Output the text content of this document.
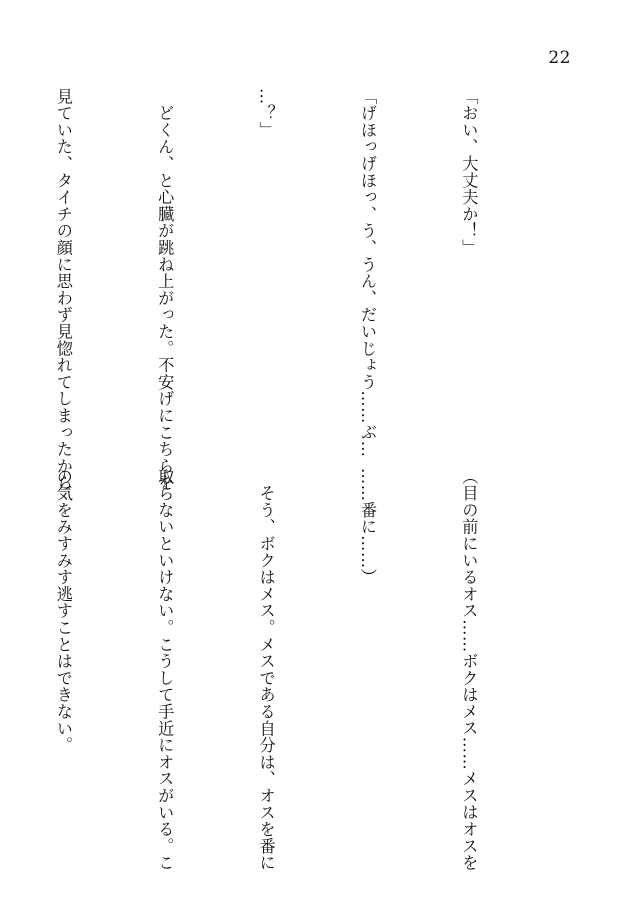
22

「おい、大丈夫か！」

「げほっげほっ、う、うん、だいじょう……ぶ…

…？」

　どくん、と心臓が跳ね上がった。不安げにこちらを

見ていた、タイチの顔に思わず見惚れてしまったから

（目の前にいるオス……ボクはメス……メスはオスを

……番に……）

　そう、ボクはメス。メスである自分は、オスを番に

取らないといけない。こうして手近にオスがいる。こ

の気をみすみす逃すことはできない。
